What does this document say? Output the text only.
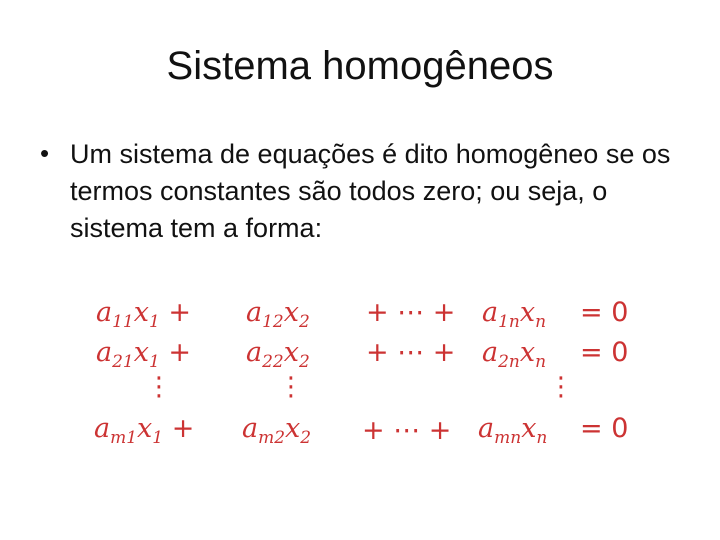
Sistema homogêneos
• Um sistema de equações é dito homogêneo se os termos constantes são todos zero; ou seja, o sistema tem a forma:
$a_{11}x_1 + a_{12}x_2$ + ⋯ + $a_{1n}x_n = 0$
$a_{21}x_1 + a_{22}x_2$ + ⋯ + $a_{2n}x_n = 0$
⋮	⋮	⋮
$a_{m1}x_1 + a_{m2}x_2$ + ⋯ + $a_{mn}x_n = 0$
